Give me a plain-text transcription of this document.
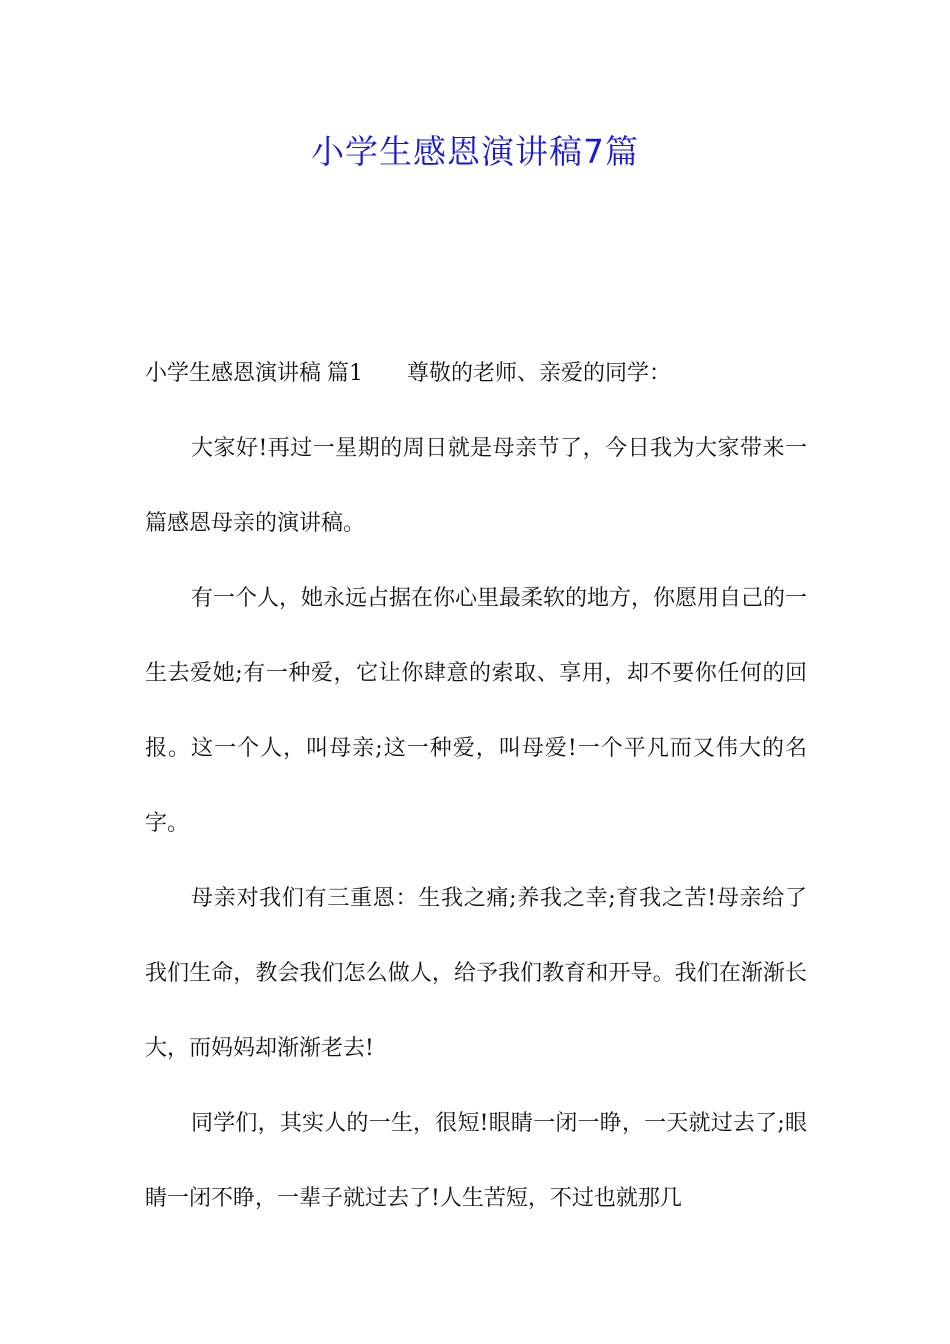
小学生感恩演讲稿7篇

小学生感恩演讲稿 篇1 尊敬的老师、亲爱的同学：

大家好!再过一星期的周日就是母亲节了，今日我为大家带来一篇感恩母亲的演讲稿。

有一个人，她永远占据在你心里最柔软的地方，你愿用自己的一生去爱她;有一种爱，它让你肆意的索取、享用，却不要你任何的回报。这一个人，叫母亲;这一种爱，叫母爱!一个平凡而又伟大的名字。

母亲对我们有三重恩：生我之痛;养我之幸;育我之苦!母亲给了我们生命，教会我们怎么做人，给予我们教育和开导。我们在渐渐长大，而妈妈却渐渐老去!

同学们，其实人的一生，很短!眼睛一闭一睁，一天就过去了;眼睛一闭不睁，一辈子就过去了!人生苦短，不过也就那几
